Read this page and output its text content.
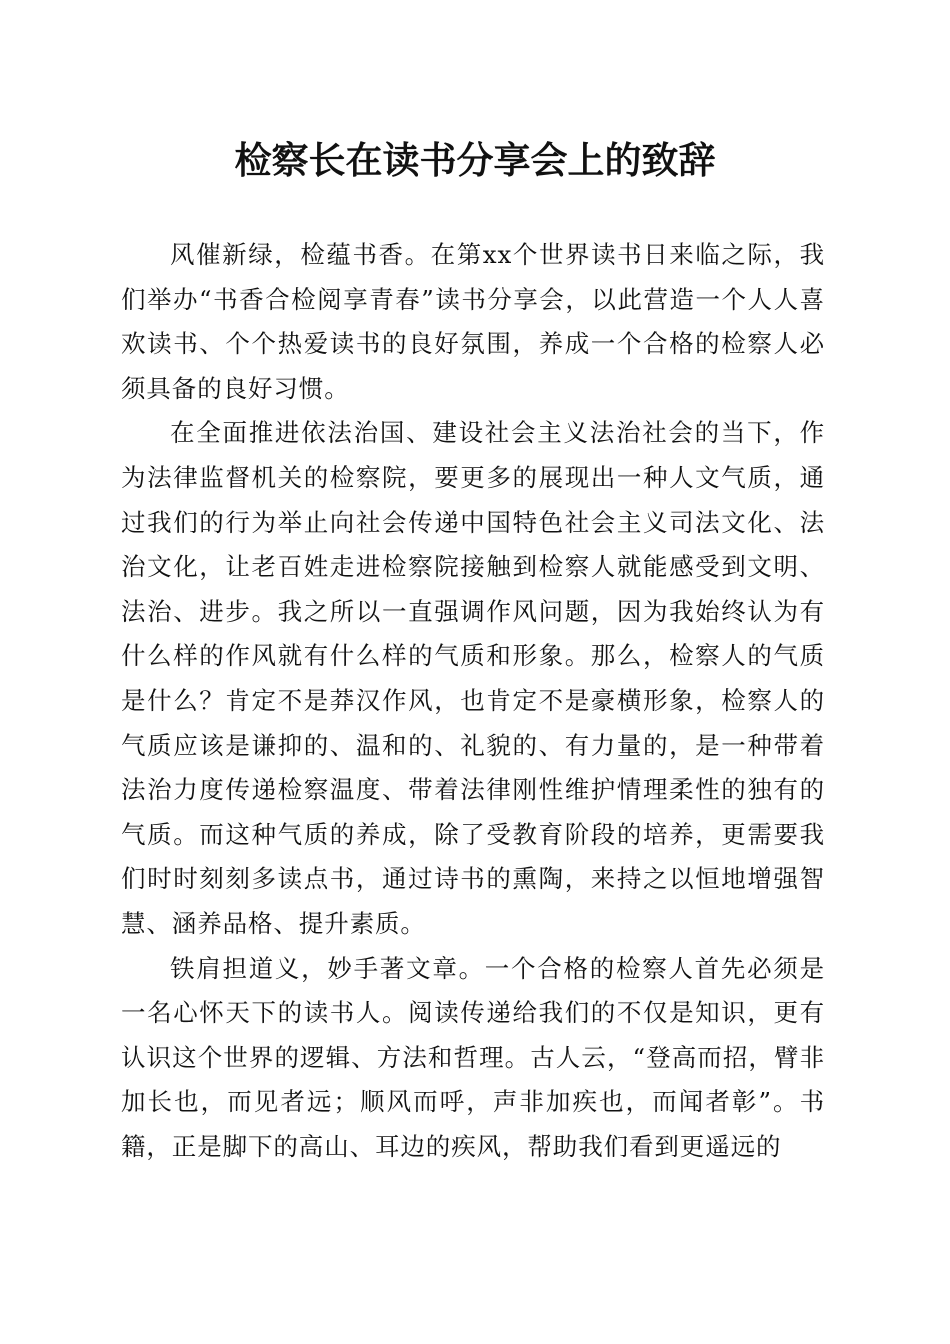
检察长在读书分享会上的致辞

风催新绿，检蕴书香。在第xx个世界读书日来临之际，我们举办“书香合检阅享青春”读书分享会，以此营造一个人人喜欢读书、个个热爱读书的良好氛围，养成一个合格的检察人必须具备的良好习惯。

在全面推进依法治国、建设社会主义法治社会的当下，作为法律监督机关的检察院，要更多的展现出一种人文气质，通过我们的行为举止向社会传递中国特色社会主义司法文化、法治文化，让老百姓走进检察院接触到检察人就能感受到文明、法治、进步。我之所以一直强调作风问题，因为我始终认为有什么样的作风就有什么样的气质和形象。那么，检察人的气质是什么？肯定不是莽汉作风，也肯定不是豪横形象，检察人的气质应该是谦抑的、温和的、礼貌的、有力量的，是一种带着法治力度传递检察温度、带着法律刚性维护情理柔性的独有的气质。而这种气质的养成，除了受教育阶段的培养，更需要我们时时刻刻多读点书，通过诗书的熏陶，来持之以恒地增强智慧、涵养品格、提升素质。

铁肩担道义，妙手著文章。一个合格的检察人首先必须是一名心怀天下的读书人。阅读传递给我们的不仅是知识，更有认识这个世界的逻辑、方法和哲理。古人云，“登高而招，臂非加长也，而见者远；顺风而呼，声非加疾也，而闻者彰”。书籍，正是脚下的高山、耳边的疾风，帮助我们看到更遥远的
